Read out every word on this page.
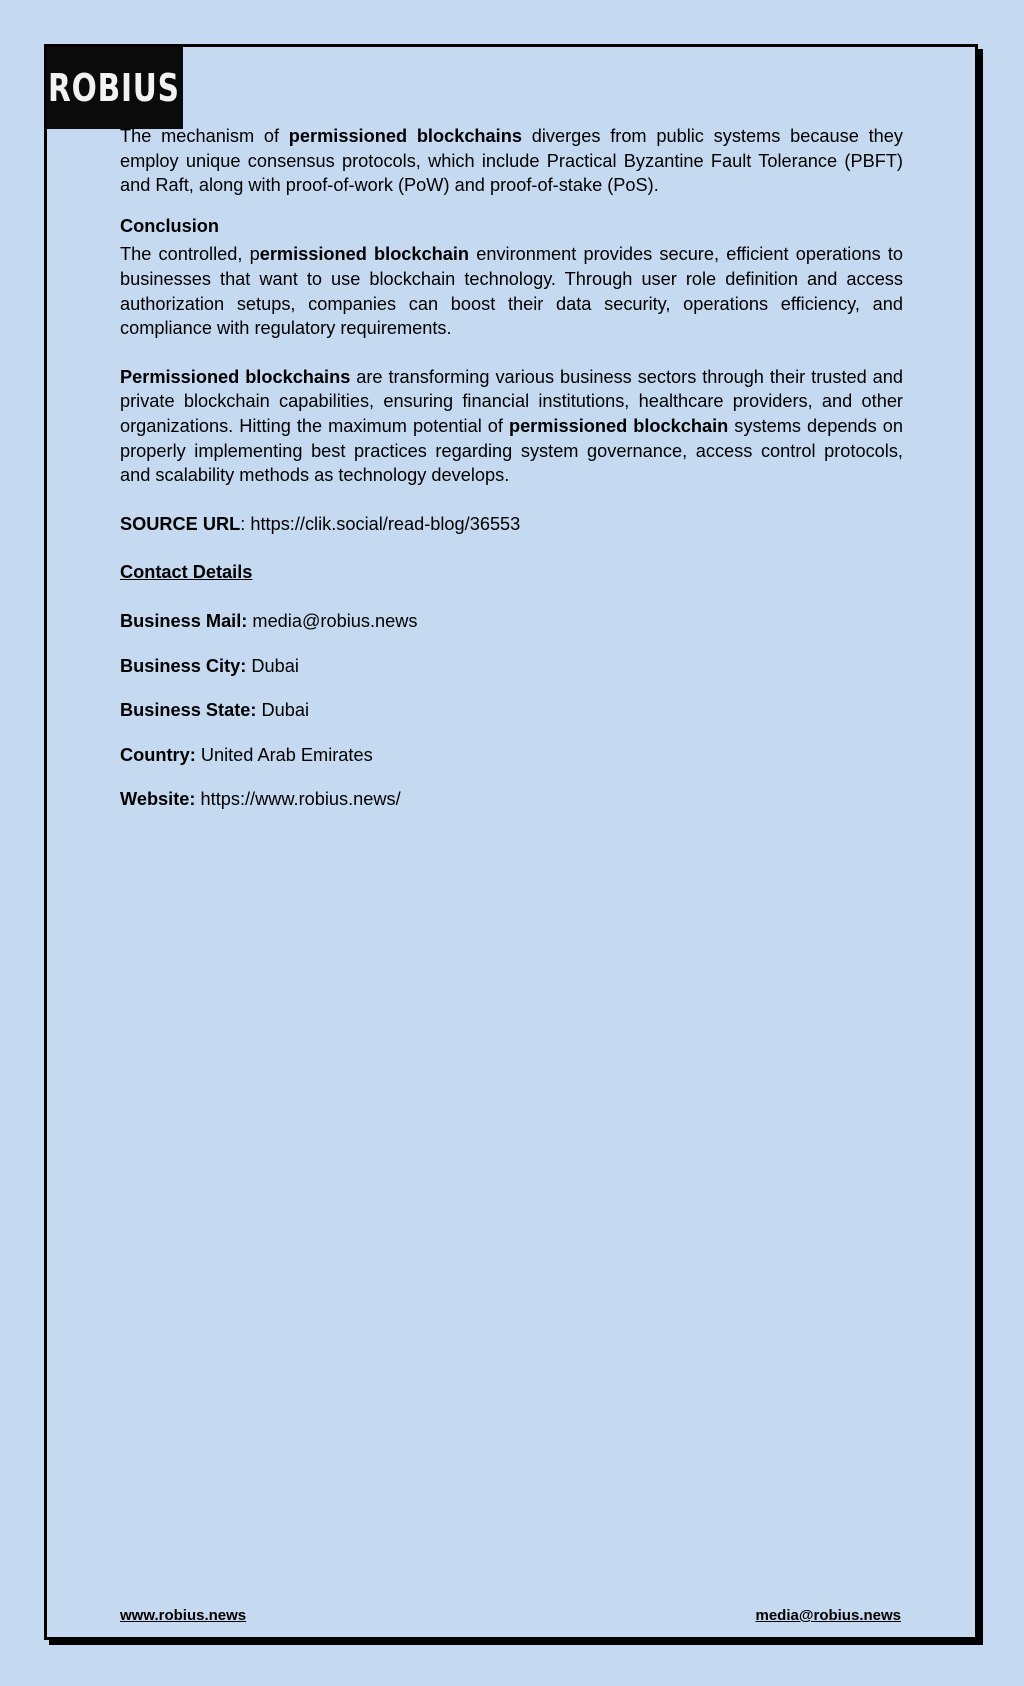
ROBIUS

The mechanism of permissioned blockchains diverges from public systems because they employ unique consensus protocols, which include Practical Byzantine Fault Tolerance (PBFT) and Raft, along with proof-of-work (PoW) and proof-of-stake (PoS).

Conclusion

The controlled, permissioned blockchain environment provides secure, efficient operations to businesses that want to use blockchain technology. Through user role definition and access authorization setups, companies can boost their data security, operations efficiency, and compliance with regulatory requirements.

Permissioned blockchains are transforming various business sectors through their trusted and private blockchain capabilities, ensuring financial institutions, healthcare providers, and other organizations. Hitting the maximum potential of permissioned blockchain systems depends on properly implementing best practices regarding system governance, access control protocols, and scalability methods as technology develops.

SOURCE URL: https://clik.social/read-blog/36553

Contact Details

Business Mail: media@robius.news

Business City: Dubai

Business State: Dubai

Country: United Arab Emirates

Website: https://www.robius.news/

www.robius.news	media@robius.news
